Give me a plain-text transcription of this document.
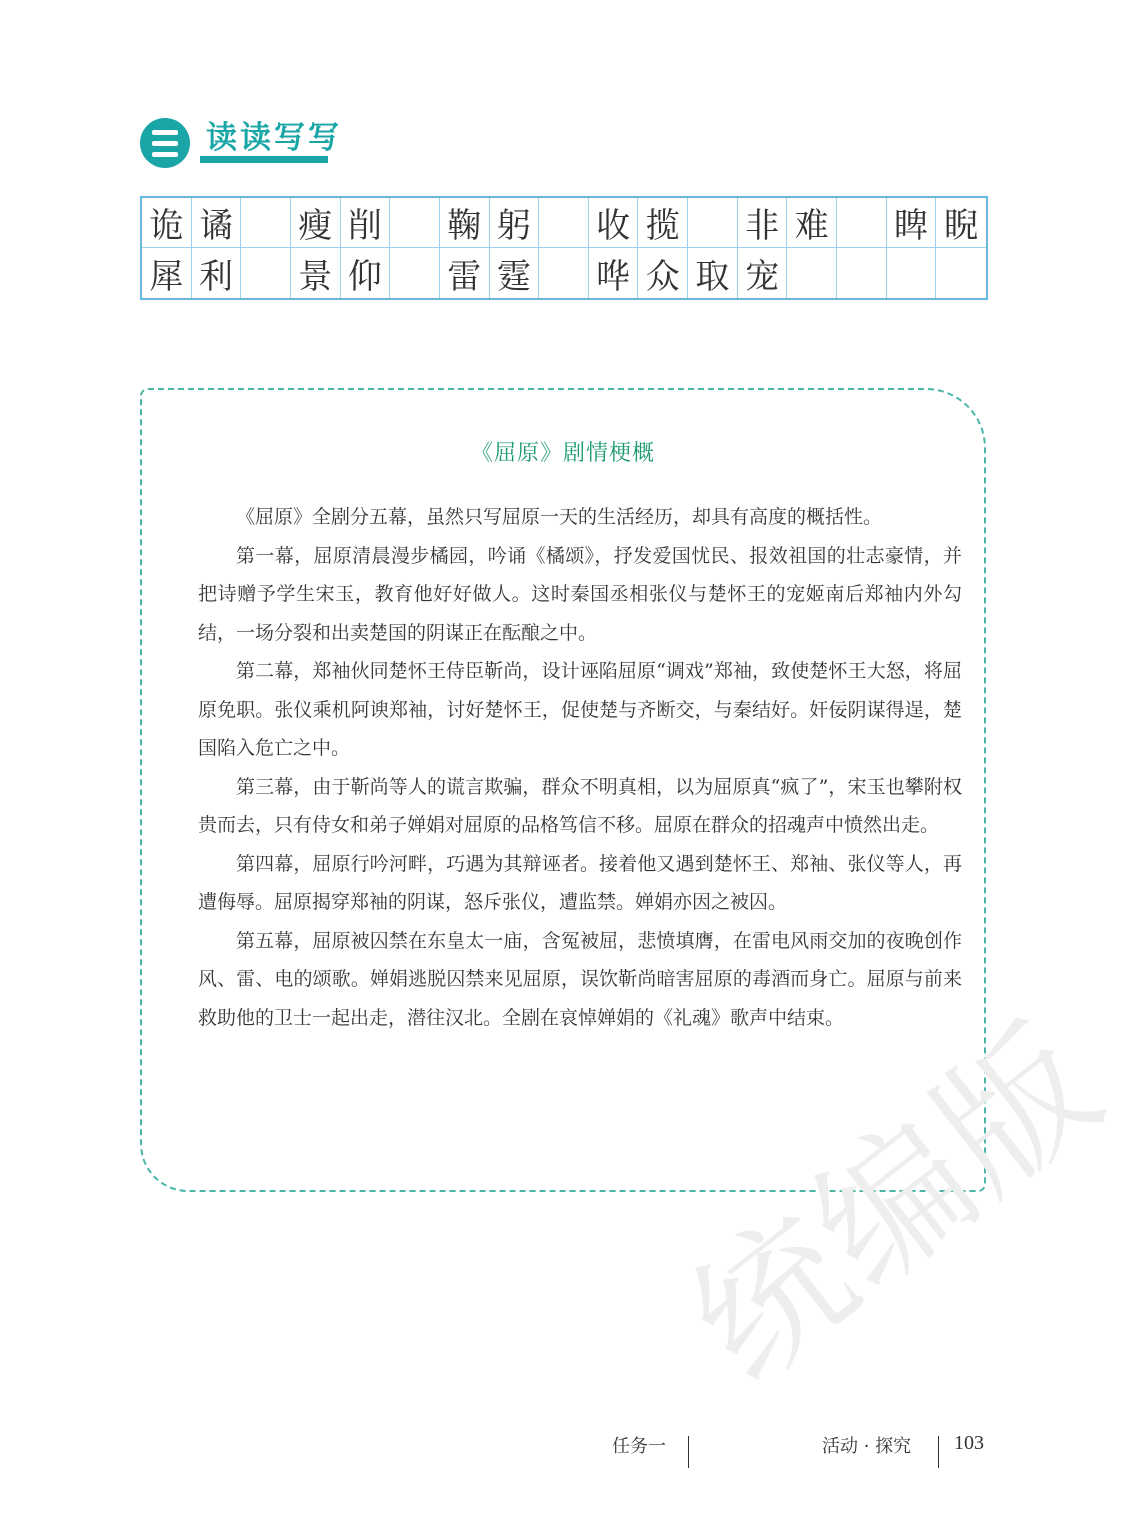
读读写写
诡 谲 瘦 削 鞠 躬 收 揽 非 难 睥 睨
犀 利 景 仰 雷 霆 哗 众 取 宠
《屈原》剧情梗概

《屈原》全剧分五幕，虽然只写屈原一天的生活经历，却具有高度的概括性。

第一幕，屈原清晨漫步橘园，吟诵《橘颂》，抒发爱国忧民、报效祖国的壮志豪情，并把诗赠予学生宋玉，教育他好好做人。这时秦国丞相张仪与楚怀王的宠姬南后郑袖内外勾结，一场分裂和出卖楚国的阴谋正在酝酿之中。

第二幕，郑袖伙同楚怀王侍臣靳尚，设计诬陷屈原“调戏”郑袖，致使楚怀王大怒，将屈原免职。张仪乘机阿谀郑袖，讨好楚怀王，促使楚与齐断交，与秦结好。奸佞阴谋得逞，楚国陷入危亡之中。

第三幕，由于靳尚等人的谎言欺骗，群众不明真相，以为屈原真“疯了”，宋玉也攀附权贵而去，只有侍女和弟子婵娟对屈原的品格笃信不移。屈原在群众的招魂声中愤然出走。

第四幕，屈原行吟河畔，巧遇为其辩诬者。接着他又遇到楚怀王、郑袖、张仪等人，再遭侮辱。屈原揭穿郑袖的阴谋，怒斥张仪，遭监禁。婵娟亦因之被囚。

第五幕，屈原被囚禁在东皇太一庙，含冤被屈，悲愤填膺，在雷电风雨交加的夜晚创作风、雷、电的颂歌。婵娟逃脱囚禁来见屈原，误饮靳尚暗害屈原的毒酒而身亡。屈原与前来救助他的卫士一起出走，潜往汉北。全剧在哀悼婵娟的《礼魂》歌声中结束。

统编版
任务一	活动 · 探究 103
